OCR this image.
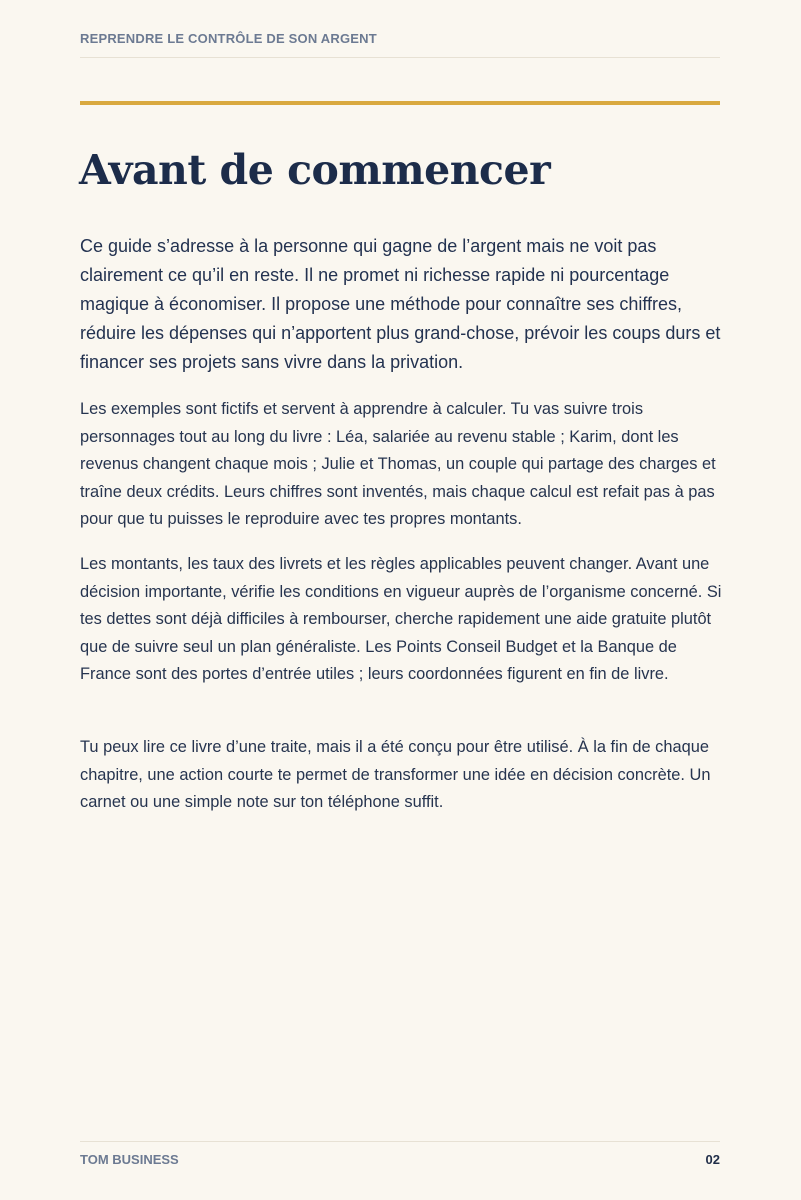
REPRENDRE LE CONTRÔLE DE SON ARGENT
Avant de commencer

Ce guide s’adresse à la personne qui gagne de l’argent mais ne voit pas clairement ce qu’il en reste. Il ne promet ni richesse rapide ni pourcentage magique à économiser. Il propose une méthode pour connaître ses chiffres, réduire les dépenses qui n’apportent plus grand-chose, prévoir les coups durs et financer ses projets sans vivre dans la privation.

Les exemples sont fictifs et servent à apprendre à calculer. Tu vas suivre trois personnages tout au long du livre : Léa, salariée au revenu stable ; Karim, dont les revenus changent chaque mois ; Julie et Thomas, un couple qui partage des charges et traîne deux crédits. Leurs chiffres sont inventés, mais chaque calcul est refait pas à pas pour que tu puisses le reproduire avec tes propres montants.

Les montants, les taux des livrets et les règles applicables peuvent changer. Avant une décision importante, vérifie les conditions en vigueur auprès de l’organisme concerné. Si tes dettes sont déjà difficiles à rembourser, cherche rapidement une aide gratuite plutôt que de suivre seul un plan généraliste. Les Points Conseil Budget et la Banque de France sont des portes d’entrée utiles ; leurs coordonnées figurent en fin de livre.

Tu peux lire ce livre d’une traite, mais il a été conçu pour être utilisé. À la fin de chaque chapitre, une action courte te permet de transformer une idée en décision concrète. Un carnet ou une simple note sur ton téléphone suffit.

TOM BUSINESS	02
